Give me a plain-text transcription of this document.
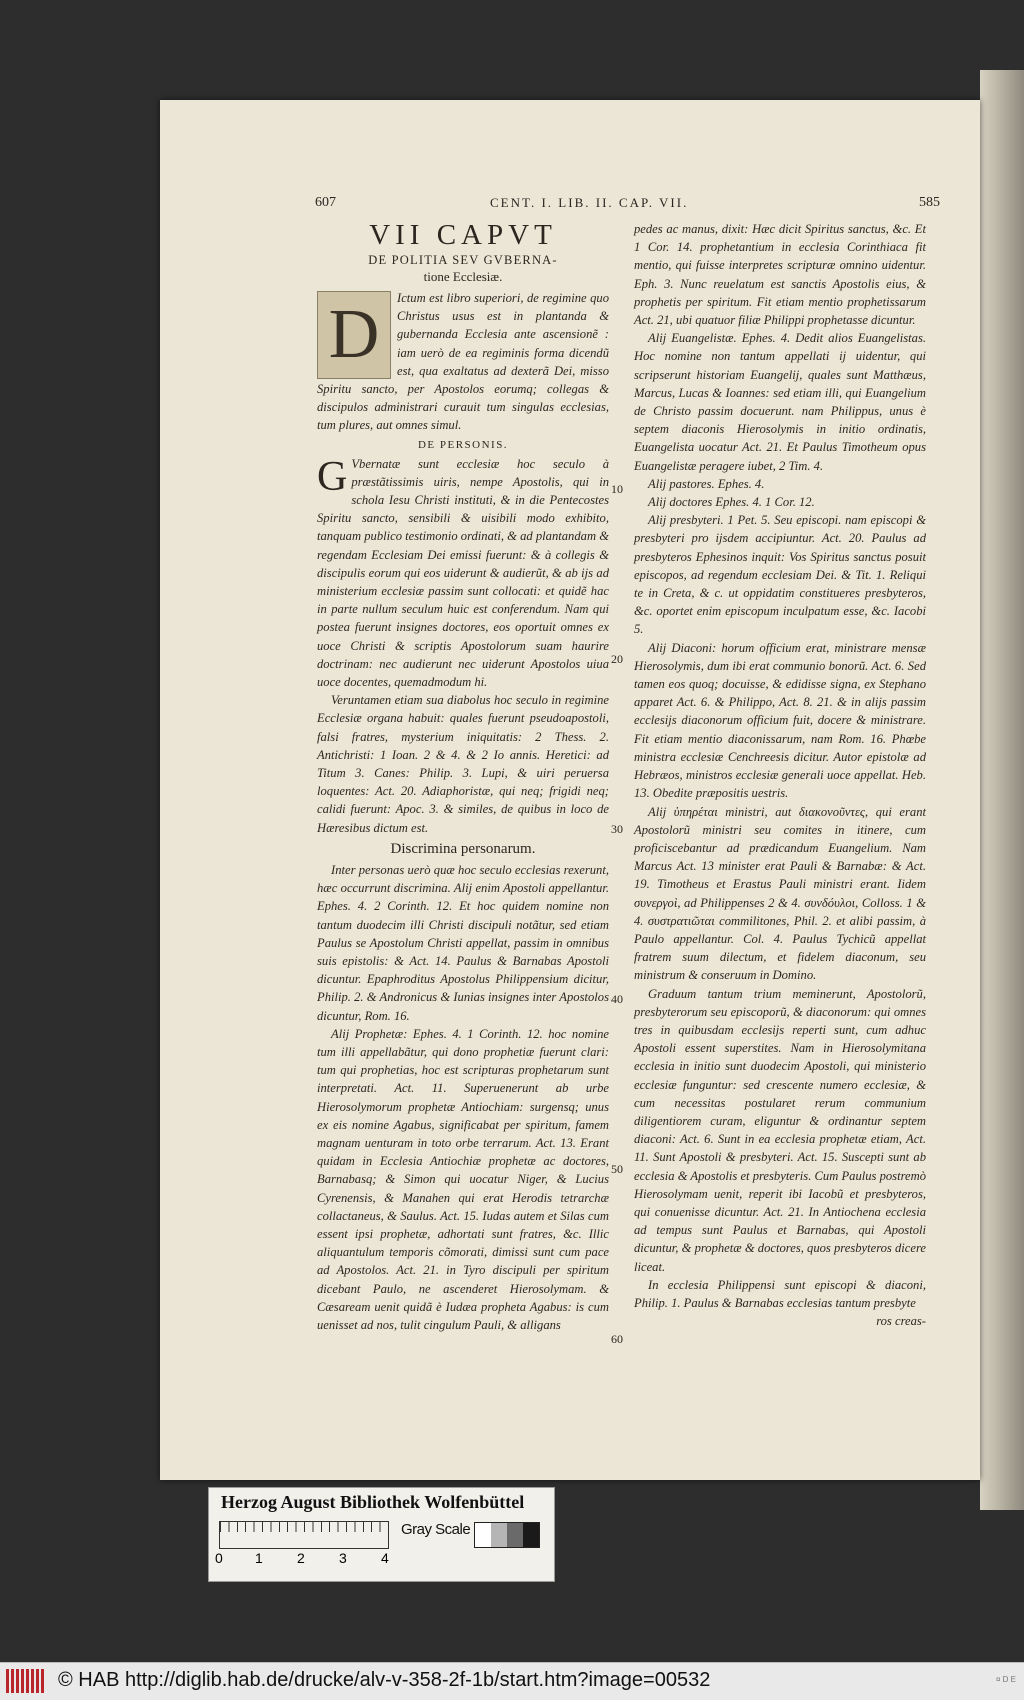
607	CENT. I. LIB. II. CAP. VII.	585
VII CAPVT
DE POLITIA SEV GVBERNA-
tione Ecclesiæ.
D	Ictum est libro superiori, de regimine quo Christus usus est in plantanda & gubernanda Ecclesia ante ascensionẽ : iam uerò de ea regiminis forma dicendũ est, qua exaltatus ad dexterã Dei, misso Spiritu sancto, per Apostolos eorumq; collegas & discipulos administrari curauit tum singulas ecclesias, tum plures, aut omnes simul.

DE PERSONIS.
G Vbernatæ sunt ecclesiæ hoc seculo à præstãtissimis uiris, nempe Apostolis, qui in schola Iesu Christi instituti, & in die Pentecostes Spiritu sancto, sensibili & uisibili modo exhibito, tanquam publico testimonio ordinati, & ad plantandam & regendam Ecclesiam Dei emissi fuerunt: & à collegis & discipulis eorum qui eos uiderunt & audierũt, & ab ijs ad ministerium ecclesiæ passim sunt collocati: et quidẽ hac in parte nullum seculum huic est conferendum. Nam qui postea fuerunt insignes doctores, eos oportuit omnes ex uoce Christi & scriptis Apostolorum suam haurire doctrinam: nec audierunt nec uiderunt Apostolos uiua uoce docentes, quemadmodum hi.

Veruntamen etiam sua diabolus hoc seculo in regimine Ecclesiæ organa habuit: quales fuerunt pseudoapostoli, falsi fratres, mysterium iniquitatis: 2 Thess. 2. Antichristi: 1 Ioan. 2 & 4. & 2 Io annis. Heretici: ad Titum 3. Canes: Philip. 3. Lupi, & uiri peruersa loquentes: Act. 20. Adiaphoristæ, qui neq; frigidi neq; calidi fuerunt: Apoc. 3. & similes, de quibus in loco de Hæresibus dictum est.

Discrimina personarum.

Inter personas uerò quæ hoc seculo ecclesias rexerunt, hæc occurrunt discrimina. Alij enim Apostoli appellantur. Ephes. 4. 2 Corinth. 12. Et hoc quidem nomine non tantum duodecim illi Christi discipuli notãtur, sed etiam Paulus se Apostolum Christi appellat, passim in omnibus suis epistolis: & Act. 14. Paulus & Barnabas Apostoli dicuntur. Epaphroditus Apostolus Philippensium dicitur, Philip. 2. & Andronicus & Iunias insignes inter Apostolos dicuntur, Rom. 16.

Alij Prophetæ: Ephes. 4. 1 Corinth. 12. hoc nomine tum illi appellabãtur, qui dono prophetiæ fuerunt clari: tum qui prophetias, hoc est scripturas prophetarum sunt interpretati. Act. 11. Superuenerunt ab urbe Hierosolymorum prophetæ Antiochiam: surgensq; unus ex eis nomine Agabus, significabat per spiritum, famem magnam uenturam in toto orbe terrarum. Act. 13. Erant quidam in Ecclesia Antiochiæ prophetæ ac doctores, Barnabasq; & Simon qui uocatur Niger, & Lucius Cyrenensis, & Manahen qui erat Herodis tetrarchæ collactaneus, & Saulus. Act. 15. Iudas autem et Silas cum essent ipsi prophetæ, adhortati sunt fratres, &c. Illic aliquantulum temporis cõmorati, dimissi sunt cum pace ad Apostolos. Act. 21. in Tyro discipuli per spiritum dicebant Paulo, ne ascenderet Hierosolymam. & Cæsaream uenit quidã è Iudæa propheta Agabus: is cum uenisset ad nos, tulit cingulum Pauli, & alligans

10
20
30
40
50
60

pedes ac manus, dixit: Hæc dicit Spiritus sanctus, &c. Et 1 Cor. 14. prophetantium in ecclesia Corinthiaca fit mentio, qui fuisse interpretes scripturæ omnino uidentur. Eph. 3. Nunc reuelatum est sanctis Apostolis eius, & prophetis per spiritum. Fit etiam mentio prophetissarum Act. 21, ubi quatuor filiæ Philippi prophetasse dicuntur.

Alij Euangelistæ. Ephes. 4. Dedit alios Euangelistas. Hoc nomine non tantum appellati ij uidentur, qui scripserunt historiam Euangelij, quales sunt Matthæus, Marcus, Lucas & Ioannes: sed etiam illi, qui Euangelium de Christo passim docuerunt. nam Philippus, unus è septem diaconis Hierosolymis in initio ordinatis, Euangelista uocatur Act. 21. Et Paulus Timotheum opus Euangelistæ peragere iubet, 2 Tim. 4.

Alij pastores. Ephes. 4.

Alij doctores Ephes. 4. 1 Cor. 12.

Alij presbyteri. 1 Pet. 5. Seu episcopi. nam episcopi & presbyteri pro ijsdem accipiuntur. Act. 20. Paulus ad presbyteros Ephesinos inquit: Vos Spiritus sanctus posuit episcopos, ad regendum ecclesiam Dei. & Tit. 1. Reliqui te in Creta, & c. ut oppidatim constitueres presbyteros, &c. oportet enim episcopum inculpatum esse, &c. Iacobi 5.

Alij Diaconi: horum officium erat, ministrare mensæ Hierosolymis, dum ibi erat communio bonorũ. Act. 6. Sed tamen eos quoq; docuisse, & edidisse signa, ex Stephano apparet Act. 6. & Philippo, Act. 8. 21. & in alijs passim ecclesijs diaconorum officium fuit, docere & ministrare. Fit etiam mentio diaconissarum, nam Rom. 16. Phœbe ministra ecclesiæ Cenchreesis dicitur. Autor epistolæ ad Hebræos, ministros ecclesiæ generali uoce appellat. Heb. 13. Obedite præpositis uestris.

Alij ὑπηρέται ministri, aut διακονοῦντες, qui erant Apostolorũ ministri seu comites in itinere, cum proficiscebantur ad prædicandum Euangelium. Nam Marcus Act. 13 minister erat Pauli & Barnabæ: & Act. 19. Timotheus et Erastus Pauli ministri erant. Iidem συνεργοὶ, ad Philippenses 2 & 4. συνδόυλοι, Colloss. 1 & 4. συστρατιῶται commilitones, Phil. 2. et alibi passim, à Paulo appellantur. Col. 4. Paulus Tychicũ appellat fratrem suum dilectum, et fidelem diaconum, seu ministrum & conseruum in Domino.

Graduum tantum trium meminerunt, Apostolorũ, presbyterorum seu episcoporũ, & diaconorum: qui omnes tres in quibusdam ecclesijs reperti sunt, cum adhuc Apostoli essent superstites. Nam in Hierosolymitana ecclesia in initio sunt duodecim Apostoli, qui ministerio ecclesiæ funguntur: sed crescente numero ecclesiæ, & cum necessitas postularet rerum communium diligentiorem curam, eliguntur & ordinantur septem diaconi: Act. 6. Sunt in ea ecclesia prophetæ etiam, Act. 11. Sunt Apostoli & presbyteri. Act. 15. Suscepti sunt ab ecclesia & Apostolis et presbyteris. Cum Paulus postremò Hierosolymam uenit, reperit ibi Iacobũ et presbyteros, qui conuenisse dicuntur. Act. 21. In Antiochena ecclesia ad tempus sunt Paulus et Barnabas, qui Apostoli dicuntur, & prophetæ & doctores, quos presbyteros dicere liceat.

In ecclesia Philippensi sunt episcopi & diaconi, Philip. 1. Paulus & Barnabas ecclesias tantum presbyte

ros creas-
Herzog August Bibliothek Wolfenbüttel
0 1 2 3 4
Gray Scale
© HAB http://diglib.hab.de/drucke/alv-v-358-2f-1b/start.htm?image=00532	¤ D E
